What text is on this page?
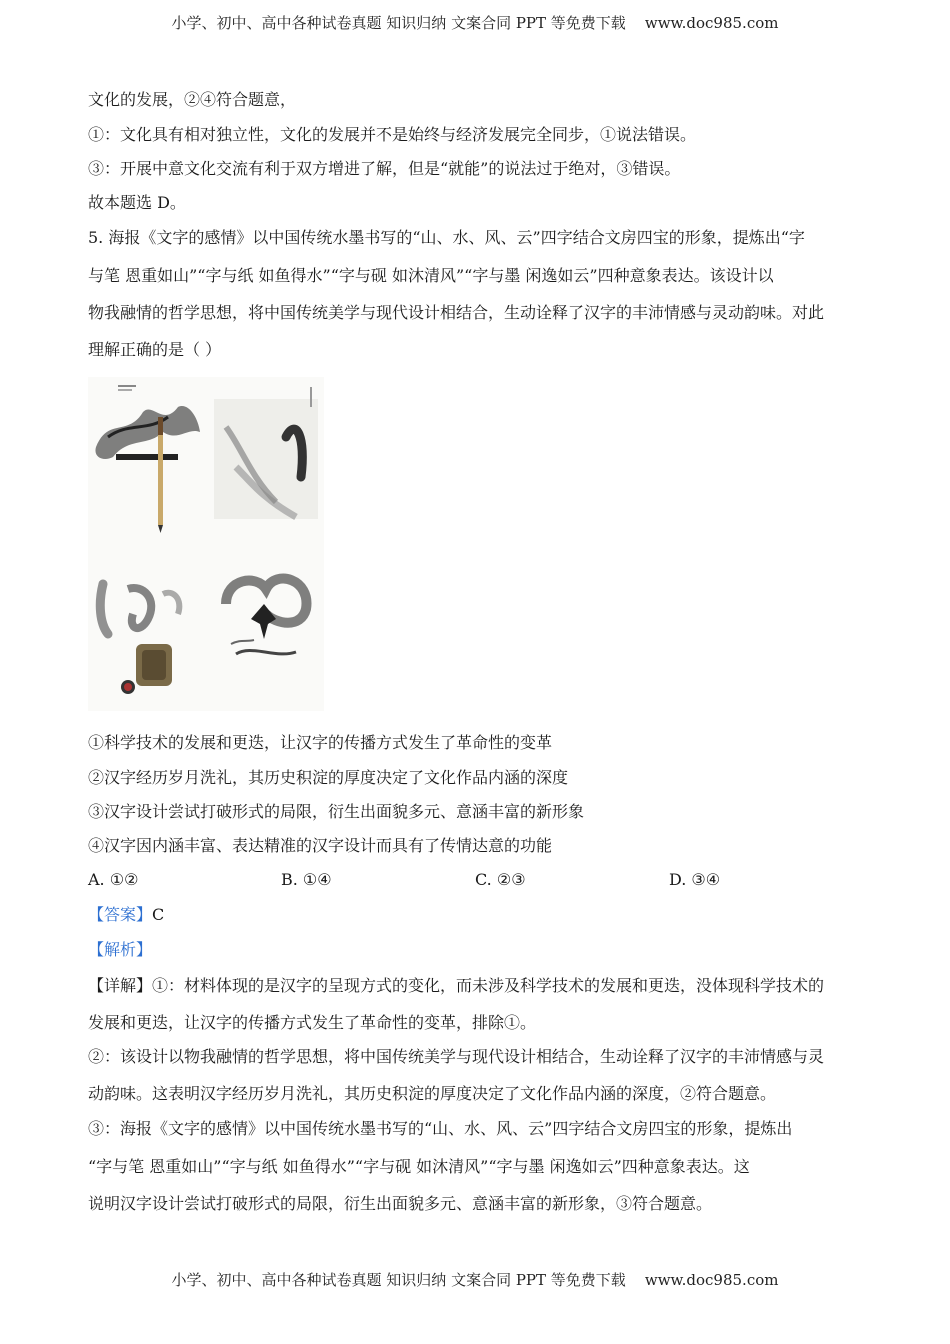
小学、初中、高中各种试卷真题 知识归纳 文案合同 PPT 等免费下载 www.doc985.com
文化的发展，②④符合题意，
①：文化具有相对独立性，文化的发展并不是始终与经济发展完全同步，①说法错误。
③：开展中意文化交流有利于双方增进了解，但是“就能”的说法过于绝对，③错误。
故本题选 D。
5. 海报《文字的感情》以中国传统水墨书写的“山、水、风、云”四字结合文房四宝的形象，提炼出“字
与笔 恩重如山”“字与纸 如鱼得水”“字与砚 如沐清风”“字与墨 闲逸如云”四种意象表达。该设计以
物我融情的哲学思想，将中国传统美学与现代设计相结合，生动诠释了汉字的丰沛情感与灵动韵味。对此
理解正确的是（ ）
①科学技术的发展和更迭，让汉字的传播方式发生了革命性的变革
②汉字经历岁月洗礼，其历史积淀的厚度决定了文化作品内涵的深度
③汉字设计尝试打破形式的局限，衍生出面貌多元、意涵丰富的新形象
④汉字因内涵丰富、表达精准的汉字设计而具有了传情达意的功能
A. ①②	B. ①④	C. ②③	D. ③④
【答案】C
【解析】
【详解】①：材料体现的是汉字的呈现方式的变化，而未涉及科学技术的发展和更迭，没体现科学技术的
发展和更迭，让汉字的传播方式发生了革命性的变革，排除①。
②：该设计以物我融情的哲学思想，将中国传统美学与现代设计相结合，生动诠释了汉字的丰沛情感与灵
动韵味。这表明汉字经历岁月洗礼，其历史积淀的厚度决定了文化作品内涵的深度，②符合题意。
③：海报《文字的感情》以中国传统水墨书写的“山、水、风、云”四字结合文房四宝的形象，提炼出
“字与笔 恩重如山”“字与纸 如鱼得水”“字与砚 如沐清风”“字与墨 闲逸如云”四种意象表达。这
说明汉字设计尝试打破形式的局限，衍生出面貌多元、意涵丰富的新形象，③符合题意。
小学、初中、高中各种试卷真题 知识归纳 文案合同 PPT 等免费下载 www.doc985.com
